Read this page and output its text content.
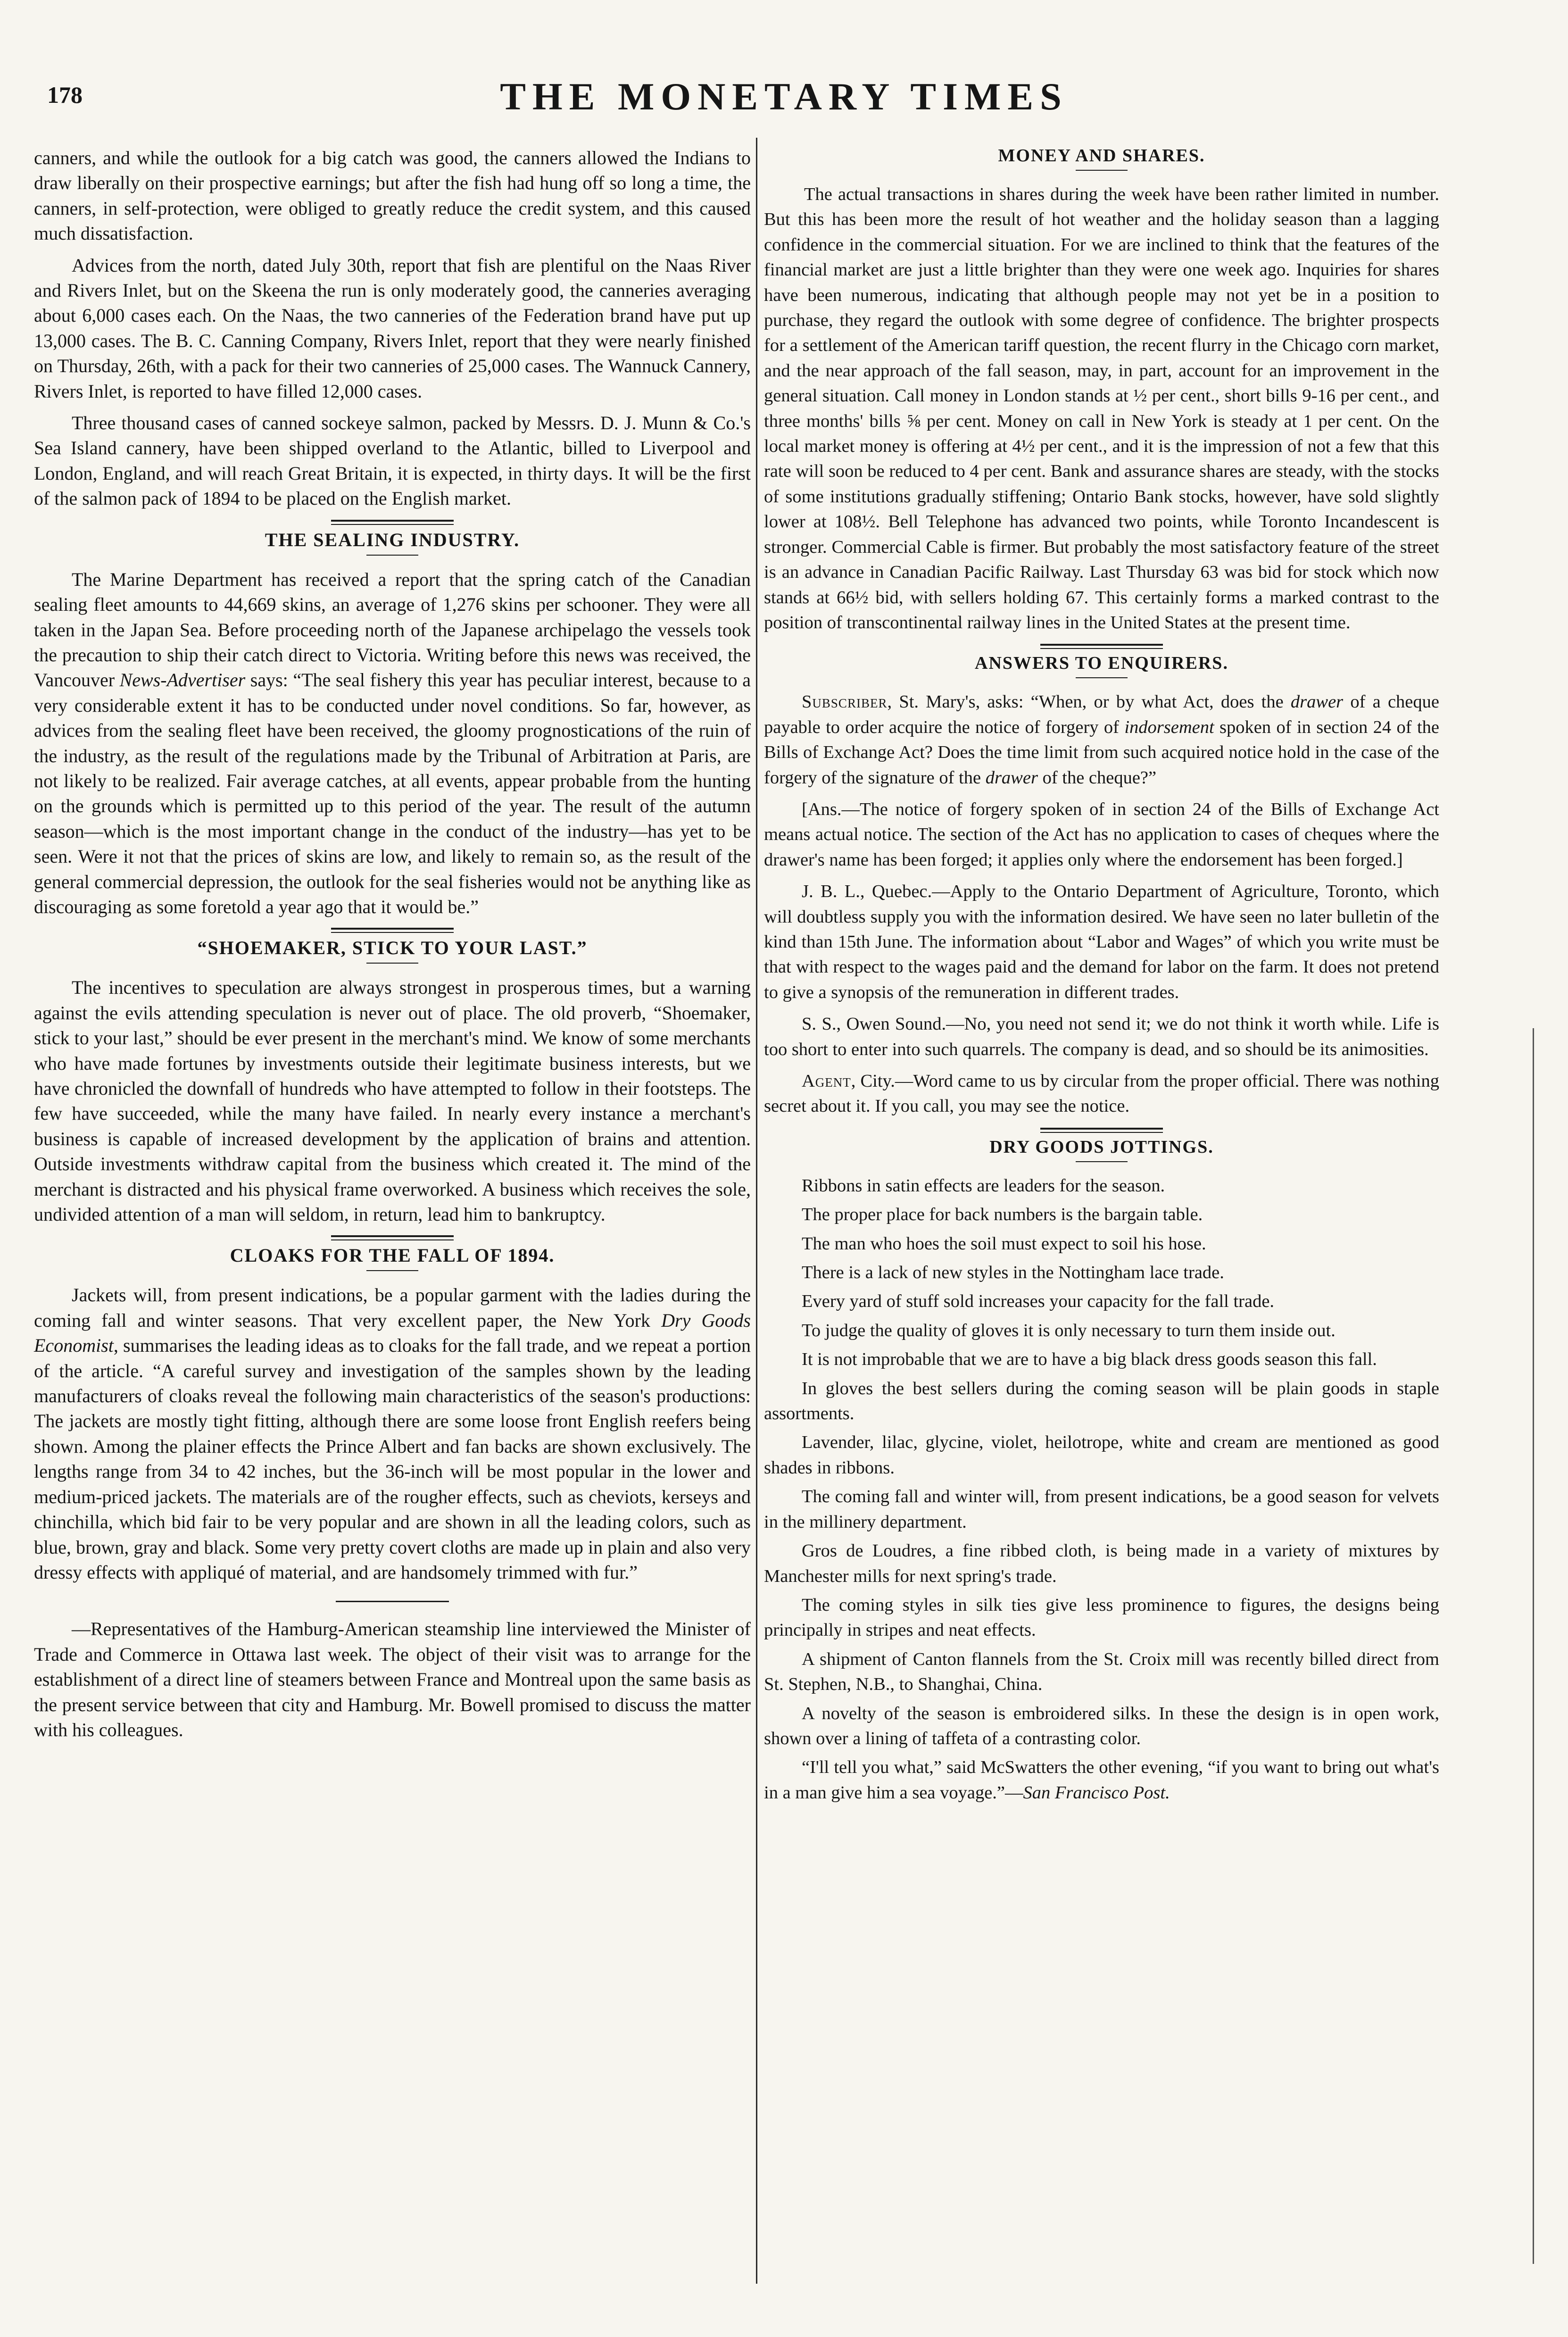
178	THE MONETARY TIMES

canners, and while the outlook for a big catch was good, the canners allowed the Indians to draw liberally on their prospective earnings; but after the fish had hung off so long a time, the canners, in self-protection, were obliged to greatly reduce the credit system, and this caused much dissatisfaction.

Advices from the north, dated July 30th, report that fish are plentiful on the Naas River and Rivers Inlet, but on the Skeena the run is only moderately good, the canneries averaging about 6,000 cases each. On the Naas, the two canneries of the Federation brand have put up 13,000 cases. The B. C. Canning Company, Rivers Inlet, report that they were nearly finished on Thursday, 26th, with a pack for their two canneries of 25,000 cases. The Wannuck Cannery, Rivers Inlet, is reported to have filled 12,000 cases.

Three thousand cases of canned sockeye salmon, packed by Messrs. D. J. Munn & Co.'s Sea Island cannery, have been shipped overland to the Atlantic, billed to Liverpool and London, England, and will reach Great Britain, it is expected, in thirty days. It will be the first of the salmon pack of 1894 to be placed on the English market.

THE SEALING INDUSTRY.

The Marine Department has received a report that the spring catch of the Canadian sealing fleet amounts to 44,669 skins, an average of 1,276 skins per schooner. They were all taken in the Japan Sea. Before proceeding north of the Japanese archipelago the vessels took the precaution to ship their catch direct to Victoria. Writing before this news was received, the Vancouver News-Advertiser says: “The seal fishery this year has peculiar interest, because to a very considerable extent it has to be conducted under novel conditions. So far, however, as advices from the sealing fleet have been received, the gloomy prognostications of the ruin of the industry, as the result of the regulations made by the Tribunal of Arbitration at Paris, are not likely to be realized. Fair average catches, at all events, appear probable from the hunting on the grounds which is permitted up to this period of the year. The result of the autumn season—which is the most important change in the conduct of the industry—has yet to be seen. Were it not that the prices of skins are low, and likely to remain so, as the result of the general commercial depression, the outlook for the seal fisheries would not be anything like as discouraging as some foretold a year ago that it would be.”

“SHOEMAKER, STICK TO YOUR LAST.”

The incentives to speculation are always strongest in prosperous times, but a warning against the evils attending speculation is never out of place. The old proverb, “Shoemaker, stick to your last,” should be ever present in the merchant's mind. We know of some merchants who have made fortunes by investments outside their legitimate business interests, but we have chronicled the downfall of hundreds who have attempted to follow in their footsteps. The few have succeeded, while the many have failed. In nearly every instance a merchant's business is capable of increased development by the application of brains and attention. Outside investments withdraw capital from the business which created it. The mind of the merchant is distracted and his physical frame overworked. A business which receives the sole, undivided attention of a man will seldom, in return, lead him to bankruptcy.

CLOAKS FOR THE FALL OF 1894.

Jackets will, from present indications, be a popular garment with the ladies during the coming fall and winter seasons. That very excellent paper, the New York Dry Goods Economist, summarises the leading ideas as to cloaks for the fall trade, and we repeat a portion of the article. “A careful survey and investigation of the samples shown by the leading manufacturers of cloaks reveal the following main characteristics of the season's productions: The jackets are mostly tight fitting, although there are some loose front English reefers being shown. Among the plainer effects the Prince Albert and fan backs are shown exclusively. The lengths range from 34 to 42 inches, but the 36-inch will be most popular in the lower and medium-priced jackets. The materials are of the rougher effects, such as cheviots, kerseys and chinchilla, which bid fair to be very popular and are shown in all the leading colors, such as blue, brown, gray and black. Some very pretty covert cloths are made up in plain and also very dressy effects with appliqué of material, and are handsomely trimmed with fur.”

—Representatives of the Hamburg-American steamship line interviewed the Minister of Trade and Commerce in Ottawa last week. The object of their visit was to arrange for the establishment of a direct line of steamers between France and Montreal upon the same basis as the present service between that city and Hamburg. Mr. Bowell promised to discuss the matter with his colleagues.

MONEY AND SHARES.

The actual transactions in shares during the week have been rather limited in number. But this has been more the result of hot weather and the holiday season than a lagging confidence in the commercial situation. For we are inclined to think that the features of the financial market are just a little brighter than they were one week ago. Inquiries for shares have been numerous, indicating that although people may not yet be in a position to purchase, they regard the outlook with some degree of confidence. The brighter prospects for a settlement of the American tariff question, the recent flurry in the Chicago corn market, and the near approach of the fall season, may, in part, account for an improvement in the general situation. Call money in London stands at ½ per cent., short bills 9-16 per cent., and three months' bills ⅝ per cent. Money on call in New York is steady at 1 per cent. On the local market money is offering at 4½ per cent., and it is the impression of not a few that this rate will soon be reduced to 4 per cent. Bank and assurance shares are steady, with the stocks of some institutions gradually stiffening; Ontario Bank stocks, however, have sold slightly lower at 108½. Bell Telephone has advanced two points, while Toronto Incandescent is stronger. Commercial Cable is firmer. But probably the most satisfactory feature of the street is an advance in Canadian Pacific Railway. Last Thursday 63 was bid for stock which now stands at 66½ bid, with sellers holding 67. This certainly forms a marked contrast to the position of transcontinental railway lines in the United States at the present time.

ANSWERS TO ENQUIRERS.

Subscriber, St. Mary's, asks: “When, or by what Act, does the drawer of a cheque payable to order acquire the notice of forgery of indorsement spoken of in section 24 of the Bills of Exchange Act? Does the time limit from such acquired notice hold in the case of the forgery of the signature of the drawer of the cheque?”

[Ans.—The notice of forgery spoken of in section 24 of the Bills of Exchange Act means actual notice. The section of the Act has no application to cases of cheques where the drawer's name has been forged; it applies only where the endorsement has been forged.]

J. B. L., Quebec.—Apply to the Ontario Department of Agriculture, Toronto, which will doubtless supply you with the information desired. We have seen no later bulletin of the kind than 15th June. The information about “Labor and Wages” of which you write must be that with respect to the wages paid and the demand for labor on the farm. It does not pretend to give a synopsis of the remuneration in different trades.

S. S., Owen Sound.—No, you need not send it; we do not think it worth while. Life is too short to enter into such quarrels. The company is dead, and so should be its animosities.

Agent, City.—Word came to us by circular from the proper official. There was nothing secret about it. If you call, you may see the notice.

DRY GOODS JOTTINGS.

Ribbons in satin effects are leaders for the season.

The proper place for back numbers is the bargain table.

The man who hoes the soil must expect to soil his hose.

There is a lack of new styles in the Nottingham lace trade.

Every yard of stuff sold increases your capacity for the fall trade.

To judge the quality of gloves it is only necessary to turn them inside out.

It is not improbable that we are to have a big black dress goods season this fall.

In gloves the best sellers during the coming season will be plain goods in staple assortments.

Lavender, lilac, glycine, violet, heilotrope, white and cream are mentioned as good shades in ribbons.

The coming fall and winter will, from present indications, be a good season for velvets in the millinery department.

Gros de Loudres, a fine ribbed cloth, is being made in a variety of mixtures by Manchester mills for next spring's trade.

The coming styles in silk ties give less prominence to figures, the designs being principally in stripes and neat effects.

A shipment of Canton flannels from the St. Croix mill was recently billed direct from St. Stephen, N.B., to Shanghai, China.

A novelty of the season is embroidered silks. In these the design is in open work, shown over a lining of taffeta of a contrasting color.

“I'll tell you what,” said McSwatters the other evening, “if you want to bring out what's in a man give him a sea voyage.”—San Francisco Post.
